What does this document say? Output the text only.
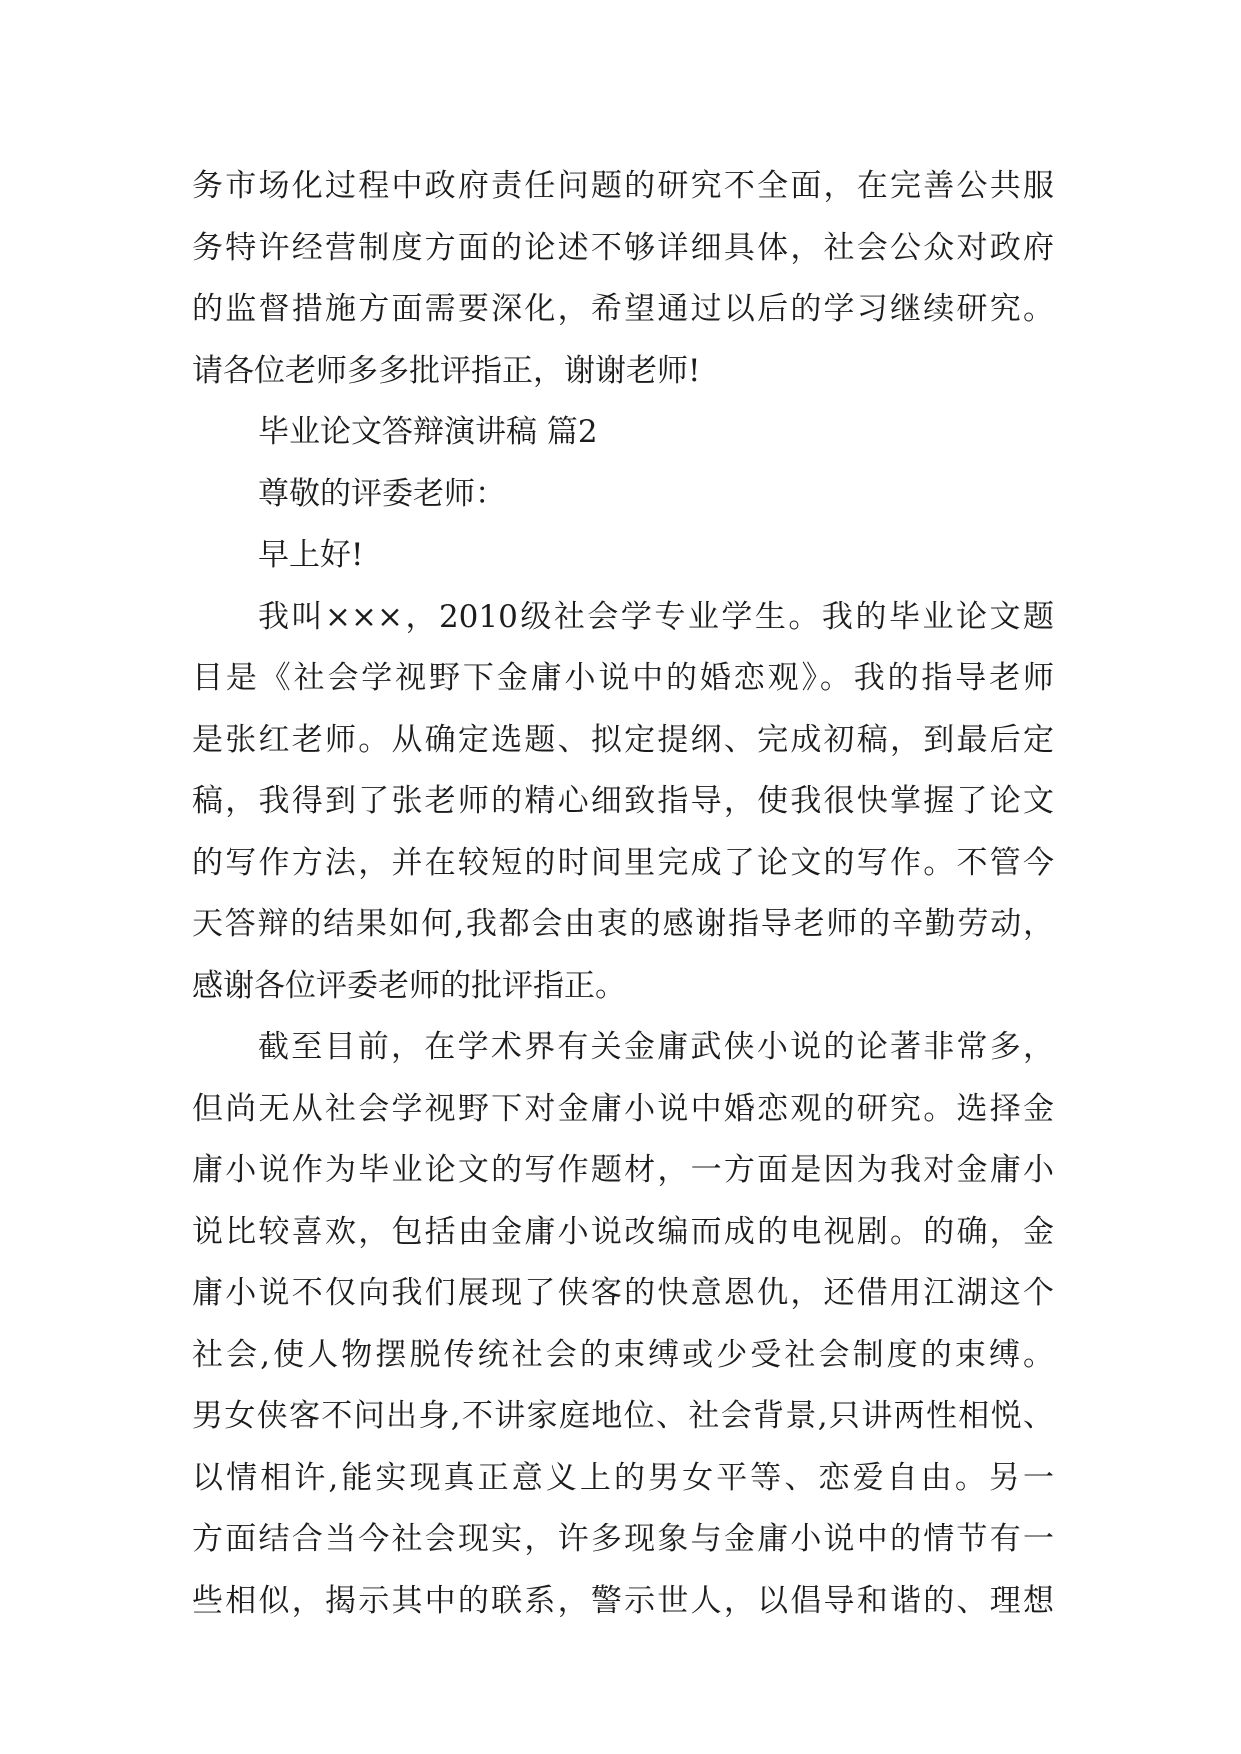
务市场化过程中政府责任问题的研究不全面，在完善公共服
务特许经营制度方面的论述不够详细具体，社会公众对政府
的监督措施方面需要深化，希望通过以后的学习继续研究。
请各位老师多多批评指正，谢谢老师!
毕业论文答辩演讲稿 篇2
尊敬的评委老师：
早上好!
我叫×××，2010级社会学专业学生。我的毕业论文题
目是《社会学视野下金庸小说中的婚恋观》。我的指导老师
是张红老师。从确定选题、拟定提纲、完成初稿，到最后定
稿，我得到了张老师的精心细致指导，使我很快掌握了论文
的写作方法，并在较短的时间里完成了论文的写作。不管今
天答辩的结果如何,我都会由衷的感谢指导老师的辛勤劳动，
感谢各位评委老师的批评指正。
截至目前，在学术界有关金庸武侠小说的论著非常多，
但尚无从社会学视野下对金庸小说中婚恋观的研究。选择金
庸小说作为毕业论文的写作题材，一方面是因为我对金庸小
说比较喜欢，包括由金庸小说改编而成的电视剧。的确，金
庸小说不仅向我们展现了侠客的快意恩仇，还借用江湖这个
社会,使人物摆脱传统社会的束缚或少受社会制度的束缚。
男女侠客不问出身,不讲家庭地位、社会背景,只讲两性相悦、
以情相许,能实现真正意义上的男女平等、恋爱自由。另一
方面结合当今社会现实，许多现象与金庸小说中的情节有一
些相似，揭示其中的联系，警示世人，以倡导和谐的、理想
